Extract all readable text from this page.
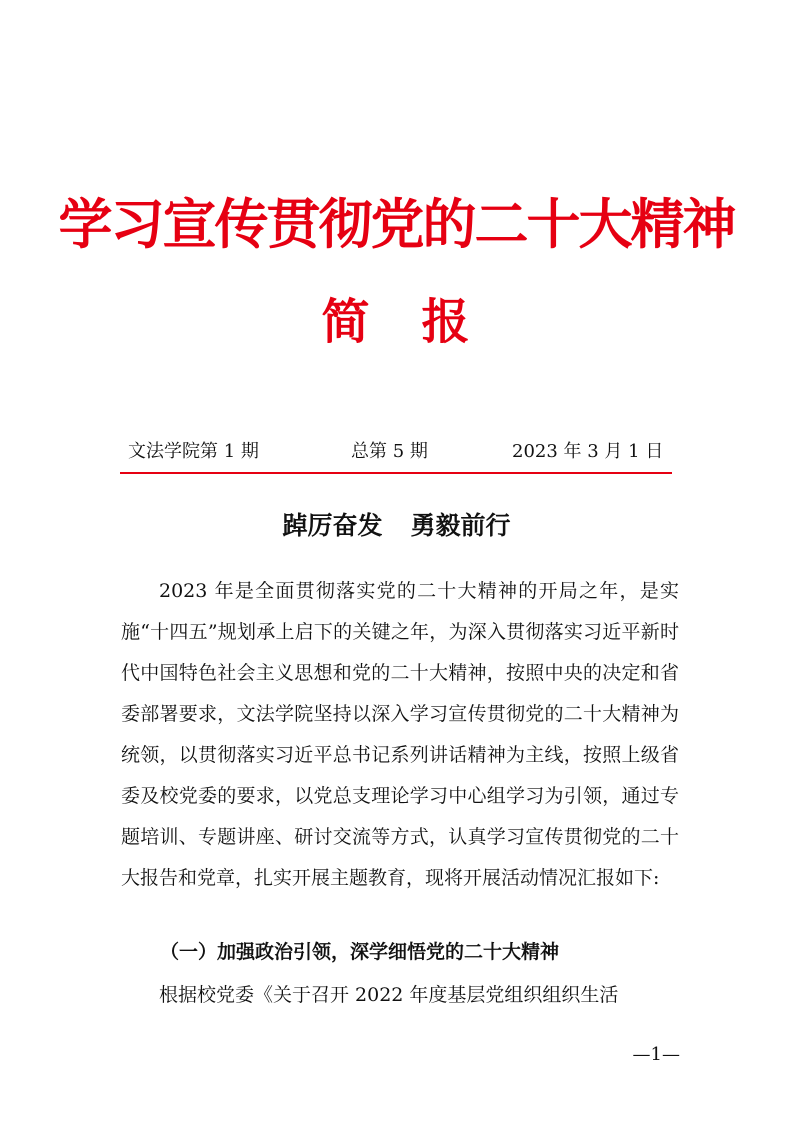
学习宣传贯彻党的二十大精神
简　报
文法学院第 1 期	总第 5 期	2023 年 3 月 1 日
踔厉奋发 勇毅前行

2023 年是全面贯彻落实党的二十大精神的开局之年，是实施“十四五”规划承上启下的关键之年，为深入贯彻落实习近平新时代中国特色社会主义思想和党的二十大精神，按照中央的决定和省委部署要求，文法学院坚持以深入学习宣传贯彻党的二十大精神为统领，以贯彻落实习近平总书记系列讲话精神为主线，按照上级省委及校党委的要求，以党总支理论学习中心组学习为引领，通过专题培训、专题讲座、研讨交流等方式，认真学习宣传贯彻党的二十大报告和党章，扎实开展主题教育，现将开展活动情况汇报如下:

（一）加强政治引领，深学细悟党的二十大精神

根据校党委《关于召开 2022 年度基层党组织组织生活

—1—
